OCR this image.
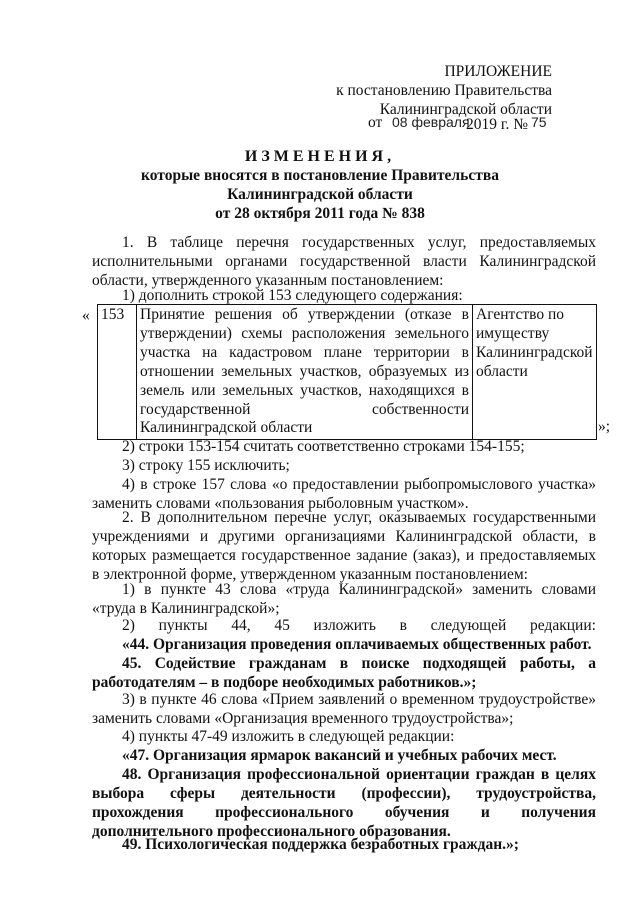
ПРИЛОЖЕНИЕ
к постановлению Правительства
Калининградской области
от 08 февраля
2019 г. № 75
ИЗМЕНЕНИЯ,
которые вносятся в постановление Правительства
Калининградской области
от 28 октября 2011 года № 838
1. В таблице перечня государственных услуг, предоставляемых исполнительными органами государственной власти Калининградской области, утвержденного указанным постановлением:
1) дополнить строкой 153 следующего содержания:
« 153	Принятие решения об утверждении (отказе в утверждении) схемы расположения земельного участка на кадастровом плане территории в отношении земельных участков, образуемых из земель или земельных участков, находящихся в государственной собственности Калининградской области	Агентство по имуществу Калининградской области
»;
2) строки 153-154 считать соответственно строками 154-155;
3) строку 155 исключить;
4) в строке 157 слова «о предоставлении рыбопромыслового участка» заменить словами «пользования рыболовным участком».
2. В дополнительном перечне услуг, оказываемых государственными учреждениями и другими организациями Калининградской области, в которых размещается государственное задание (заказ), и предоставляемых в электронной форме, утвержденном указанным постановлением:
1) в пункте 43 слова «труда Калининградской» заменить словами «труда в Калининградской»;
2) пункты 44, 45 изложить в следующей редакции:
«44. Организация проведения оплачиваемых общественных работ.
45. Содействие гражданам в поиске подходящей работы, а работодателям – в подборе необходимых работников.»;
3) в пункте 46 слова «Прием заявлений о временном трудоустройстве» заменить словами «Организация временного трудоустройства»;
4) пункты 47-49 изложить в следующей редакции:
«47. Организация ярмарок вакансий и учебных рабочих мест.
48. Организация профессиональной ориентации граждан в целях выбора сферы деятельности (профессии), трудоустройства, прохождения профессионального обучения и получения дополнительного профессионального образования.
49. Психологическая поддержка безработных граждан.»;
